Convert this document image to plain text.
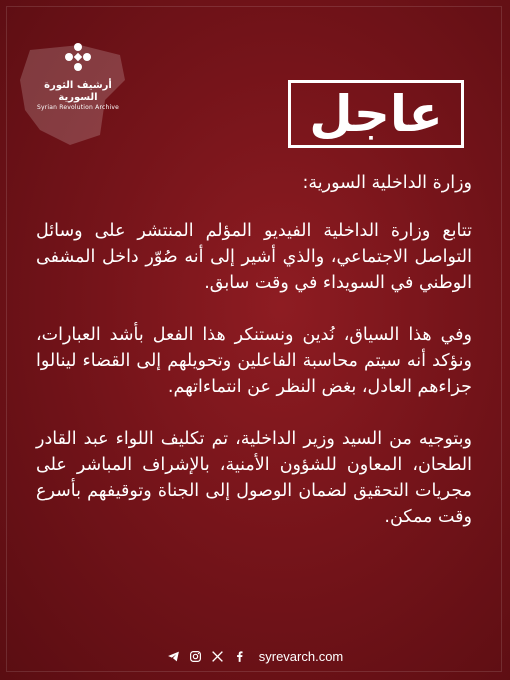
أرشيف الثورة السورية
Syrian Revolution Archive	عاجل

وزارة الداخلية السورية:

تتابع وزارة الداخلية الفيديو المؤلم المنتشر على وسائل التواصل الاجتماعي، والذي أشير إلى أنه صُوّر داخل المشفى الوطني في السويداء في وقت سابق.

وفي هذا السياق، نُدين ونستنكر هذا الفعل بأشد العبارات، ونؤكد أنه سيتم محاسبة الفاعلين وتحويلهم إلى القضاء لينالوا جزاءهم العادل، بغض النظر عن انتماءاتهم.

وبتوجيه من السيد وزير الداخلية، تم تكليف اللواء عبد القادر الطحان، المعاون للشؤون الأمنية، بالإشراف المباشر على مجريات التحقيق لضمان الوصول إلى الجناة وتوقيفهم بأسرع وقت ممكن.

syrevarch.com
